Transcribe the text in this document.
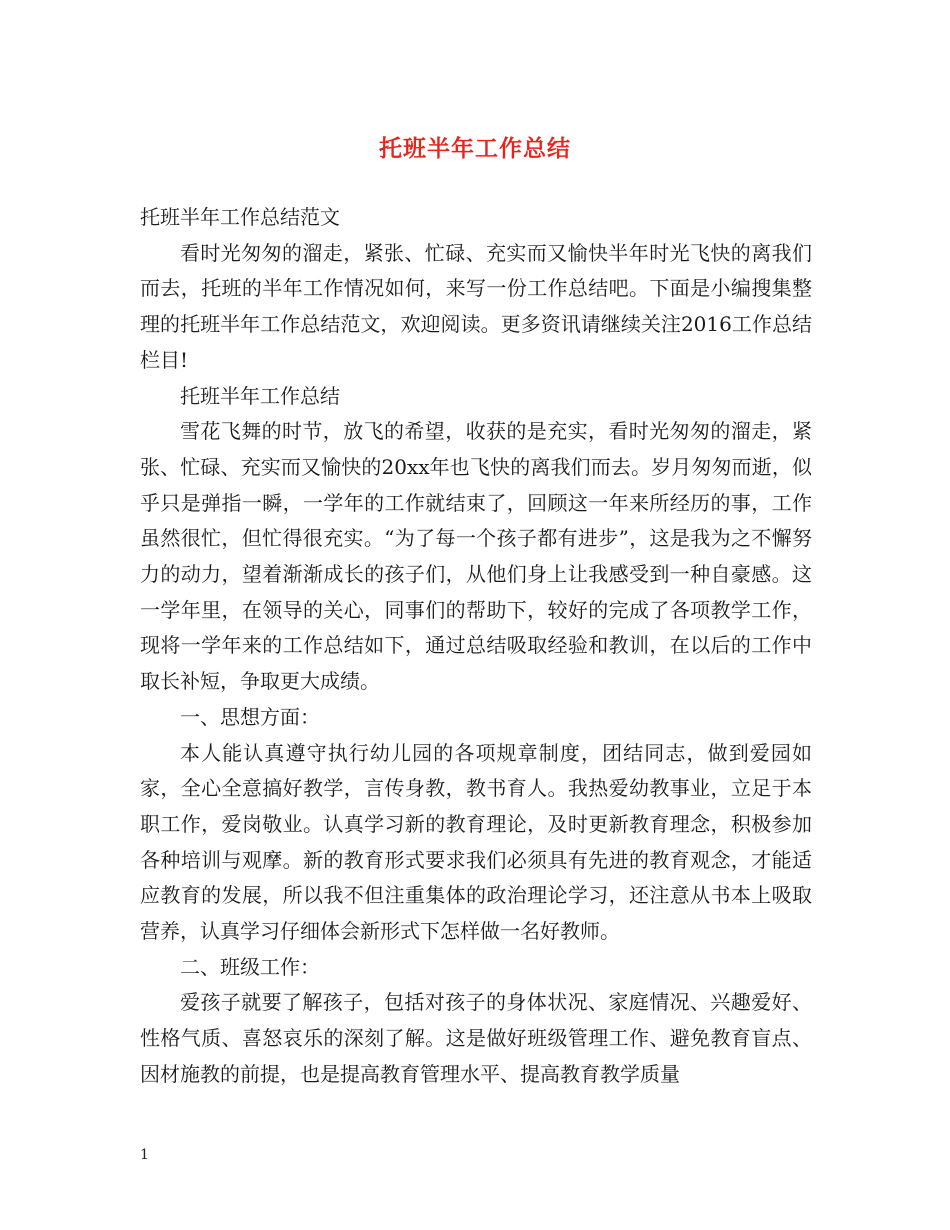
托班半年工作总结

托班半年工作总结范文

看时光匆匆的溜走，紧张、忙碌、充实而又愉快半年时光飞快的离我们而去，托班的半年工作情况如何，来写一份工作总结吧。下面是小编搜集整理的托班半年工作总结范文，欢迎阅读。更多资讯请继续关注2016工作总结栏目!

托班半年工作总结

雪花飞舞的时节，放飞的希望，收获的是充实，看时光匆匆的溜走，紧张、忙碌、充实而又愉快的20xx年也飞快的离我们而去。岁月匆匆而逝，似乎只是弹指一瞬，一学年的工作就结束了，回顾这一年来所经历的事，工作虽然很忙，但忙得很充实。“为了每一个孩子都有进步”，这是我为之不懈努力的动力，望着渐渐成长的孩子们，从他们身上让我感受到一种自豪感。这一学年里，在领导的关心，同事们的帮助下，较好的完成了各项教学工作，现将一学年来的工作总结如下，通过总结吸取经验和教训，在以后的工作中取长补短，争取更大成绩。

一、思想方面：

本人能认真遵守执行幼儿园的各项规章制度，团结同志，做到爱园如家，全心全意搞好教学，言传身教，教书育人。我热爱幼教事业，立足于本职工作，爱岗敬业。认真学习新的教育理论，及时更新教育理念，积极参加各种培训与观摩。新的教育形式要求我们必须具有先进的教育观念，才能适应教育的发展，所以我不但注重集体的政治理论学习，还注意从书本上吸取营养，认真学习仔细体会新形式下怎样做一名好教师。

二、班级工作：

爱孩子就要了解孩子，包括对孩子的身体状况、家庭情况、兴趣爱好、性格气质、喜怒哀乐的深刻了解。这是做好班级管理工作、避免教育盲点、因材施教的前提，也是提高教育管理水平、提高教育教学质量

1
